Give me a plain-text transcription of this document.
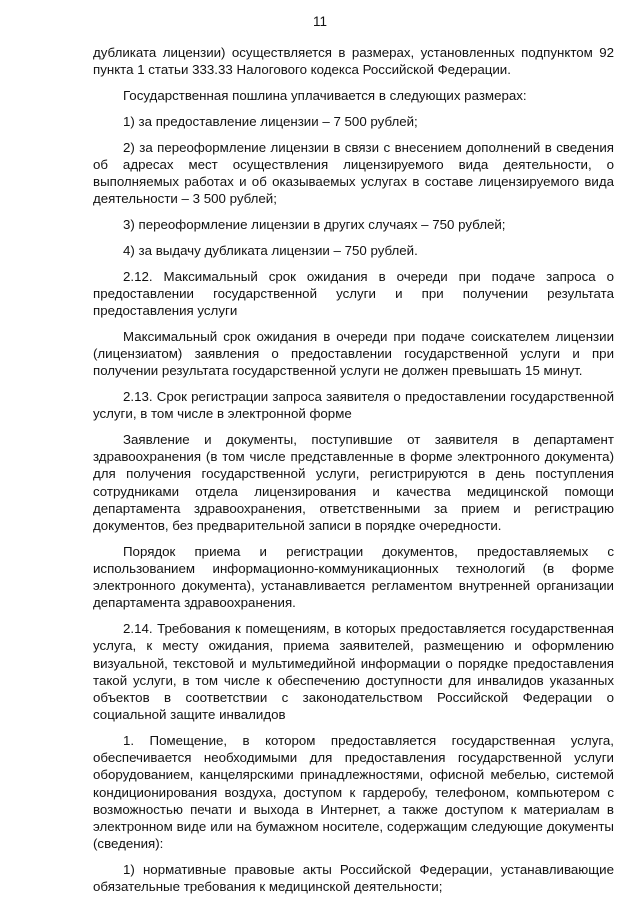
11

дубликата лицензии) осуществляется в размерах, установленных подпунктом 92 пункта 1 статьи 333.33 Налогового кодекса Российской Федерации.

Государственная пошлина уплачивается в следующих размерах:

1) за предоставление лицензии – 7 500 рублей;

2) за переоформление лицензии в связи с внесением дополнений в сведения об адресах мест осуществления лицензируемого вида деятельности, о выполняемых работах и об оказываемых услугах в составе лицензируемого вида деятельности – 3 500 рублей;

3) переоформление лицензии в других случаях – 750 рублей;

4) за выдачу дубликата лицензии – 750 рублей.

2.12. Максимальный срок ожидания в очереди при подаче запроса о предоставлении государственной услуги и при получении результата предоставления услуги

Максимальный срок ожидания в очереди при подаче соискателем лицензии (лицензиатом) заявления о предоставлении государственной услуги и при получении результата государственной услуги не должен превышать 15 минут.

2.13. Срок регистрации запроса заявителя о предоставлении государственной услуги, в том числе в электронной форме

Заявление и документы, поступившие от заявителя в департамент здравоохранения (в том числе представленные в форме электронного документа) для получения государственной услуги, регистрируются в день поступления сотрудниками отдела лицензирования и качества медицинской помощи департамента здравоохранения, ответственными за прием и регистрацию документов, без предварительной записи в порядке очередности.

Порядок приема и регистрации документов, предоставляемых с использованием информационно-коммуникационных технологий (в форме электронного документа), устанавливается регламентом внутренней организации департамента здравоохранения.

2.14. Требования к помещениям, в которых предоставляется государственная услуга, к месту ожидания, приема заявителей, размещению и оформлению визуальной, текстовой и мультимедийной информации о порядке предоставления такой услуги, в том числе к обеспечению доступности для инвалидов указанных объектов в соответствии с законодательством Российской Федерации о социальной защите инвалидов

1. Помещение, в котором предоставляется государственная услуга, обеспечивается необходимыми для предоставления государственной услуги оборудованием, канцелярскими принадлежностями, офисной мебелью, системой кондиционирования воздуха, доступом к гардеробу, телефоном, компьютером с возможностью печати и выхода в Интернет, а также доступом к материалам в электронном виде или на бумажном носителе, содержащим следующие документы (сведения):

1) нормативные правовые акты Российской Федерации, устанавливающие обязательные требования к медицинской деятельности;
